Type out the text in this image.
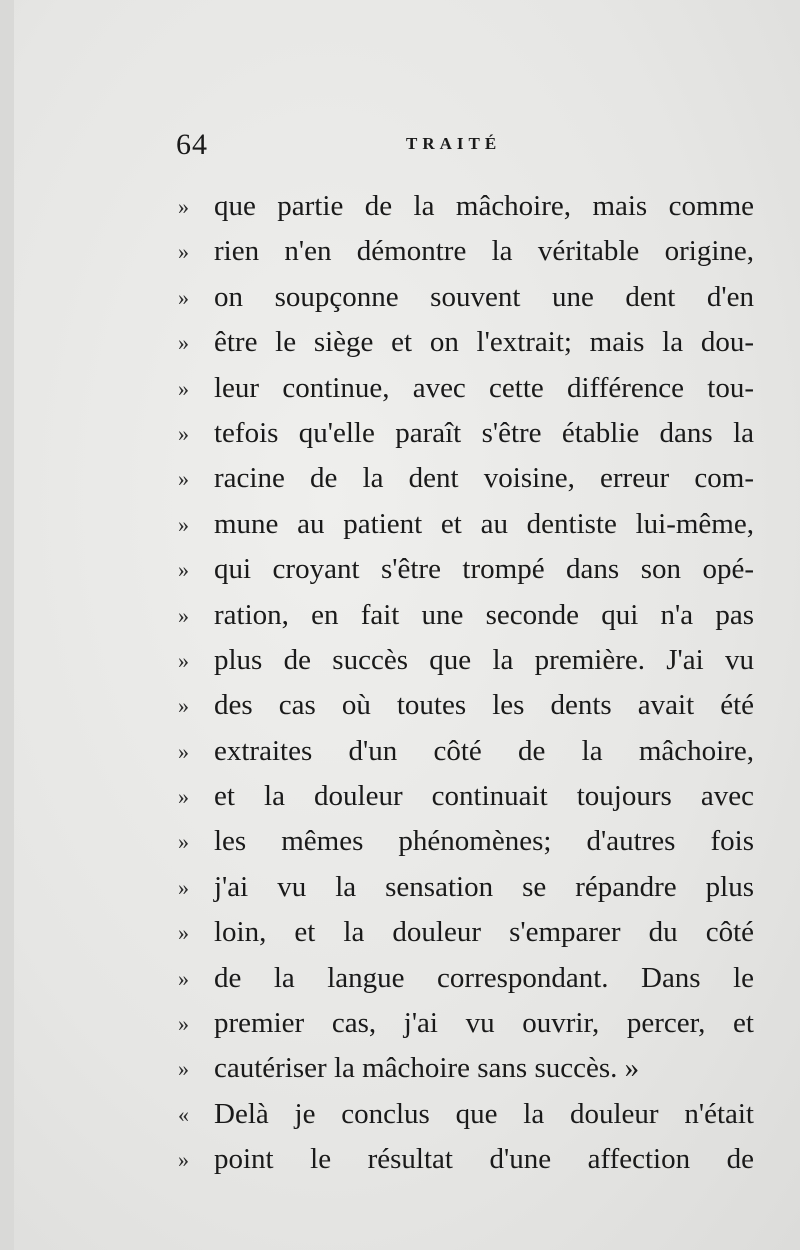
64	TRAITÉ
» que partie de la mâchoire, mais comme
» rien n'en démontre la véritable origine,
» on soupçonne souvent une dent d'en
» être le siège et on l'extrait; mais la dou-
» leur continue, avec cette différence tou-
» tefois qu'elle paraît s'être établie dans la
» racine de la dent voisine, erreur com-
» mune au patient et au dentiste lui-même,
» qui croyant s'être trompé dans son opé-
» ration, en fait une seconde qui n'a pas
» plus de succès que la première. J'ai vu
» des cas où toutes les dents avait été
» extraites d'un côté de la mâchoire,
» et la douleur continuait toujours avec
» les mêmes phénomènes; d'autres fois
» j'ai vu la sensation se répandre plus
» loin, et la douleur s'emparer du côté
» de la langue correspondant. Dans le
» premier cas, j'ai vu ouvrir, percer, et
» cautériser la mâchoire sans succès. »
« Delà je conclus que la douleur n'était
» point le résultat d'une affection de
